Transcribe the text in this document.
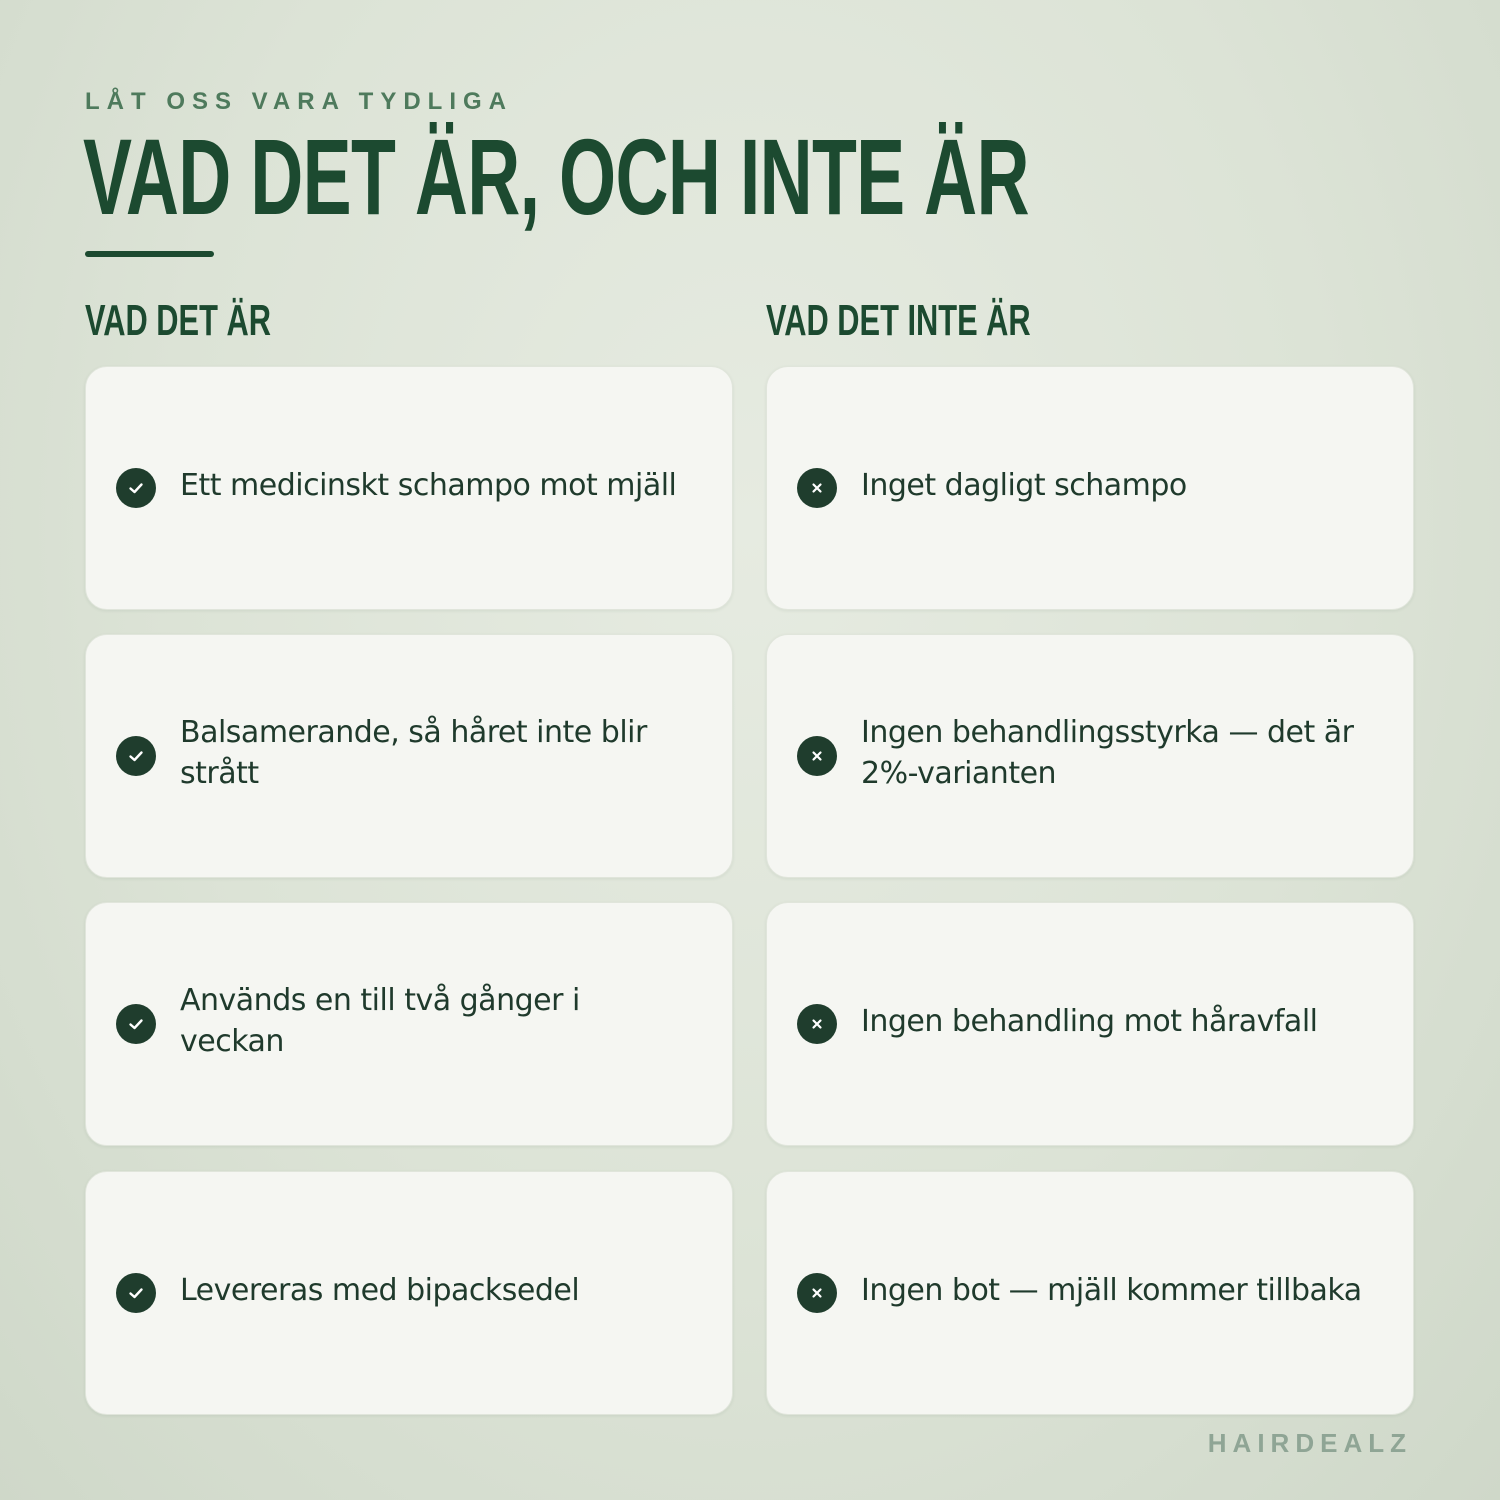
LÅT OSS VARA TYDLIGA
VAD DET ÄR, OCH INTE ÄR
VAD DET ÄR	VAD DET INTE ÄR
Ett medicinskt schampo mot mjäll
Balsamerande, så håret inte blir strått
Används en till två gånger i veckan
Levereras med bipacksedel
Inget dagligt schampo
Ingen behandlingsstyrka — det är 2%-varianten
Ingen behandling mot håravfall
Ingen bot — mjäll kommer tillbaka
HAIRDEALZ
